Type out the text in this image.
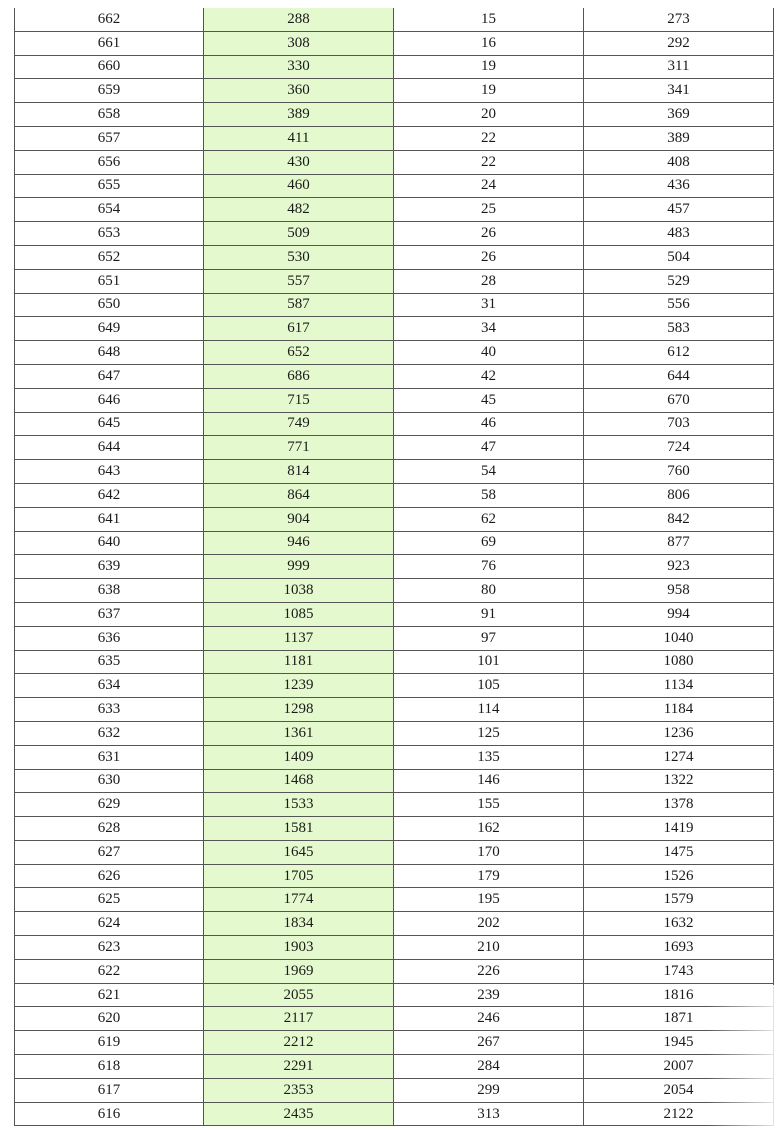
662	288	15	273
661	308	16	292
660	330	19	311
659	360	19	341
658	389	20	369
657	411	22	389
656	430	22	408
655	460	24	436
654	482	25	457
653	509	26	483
652	530	26	504
651	557	28	529
650	587	31	556
649	617	34	583
648	652	40	612
647	686	42	644
646	715	45	670
645	749	46	703
644	771	47	724
643	814	54	760
642	864	58	806
641	904	62	842
640	946	69	877
639	999	76	923
638	1038	80	958
637	1085	91	994
636	1137	97	1040
635	1181	101	1080
634	1239	105	1134
633	1298	114	1184
632	1361	125	1236
631	1409	135	1274
630	1468	146	1322
629	1533	155	1378
628	1581	162	1419
627	1645	170	1475
626	1705	179	1526
625	1774	195	1579
624	1834	202	1632
623	1903	210	1693
622	1969	226	1743
621	2055	239	1816
620	2117	246	1871
619	2212	267	1945
618	2291	284	2007
617	2353	299	2054
616	2435	313	2122
